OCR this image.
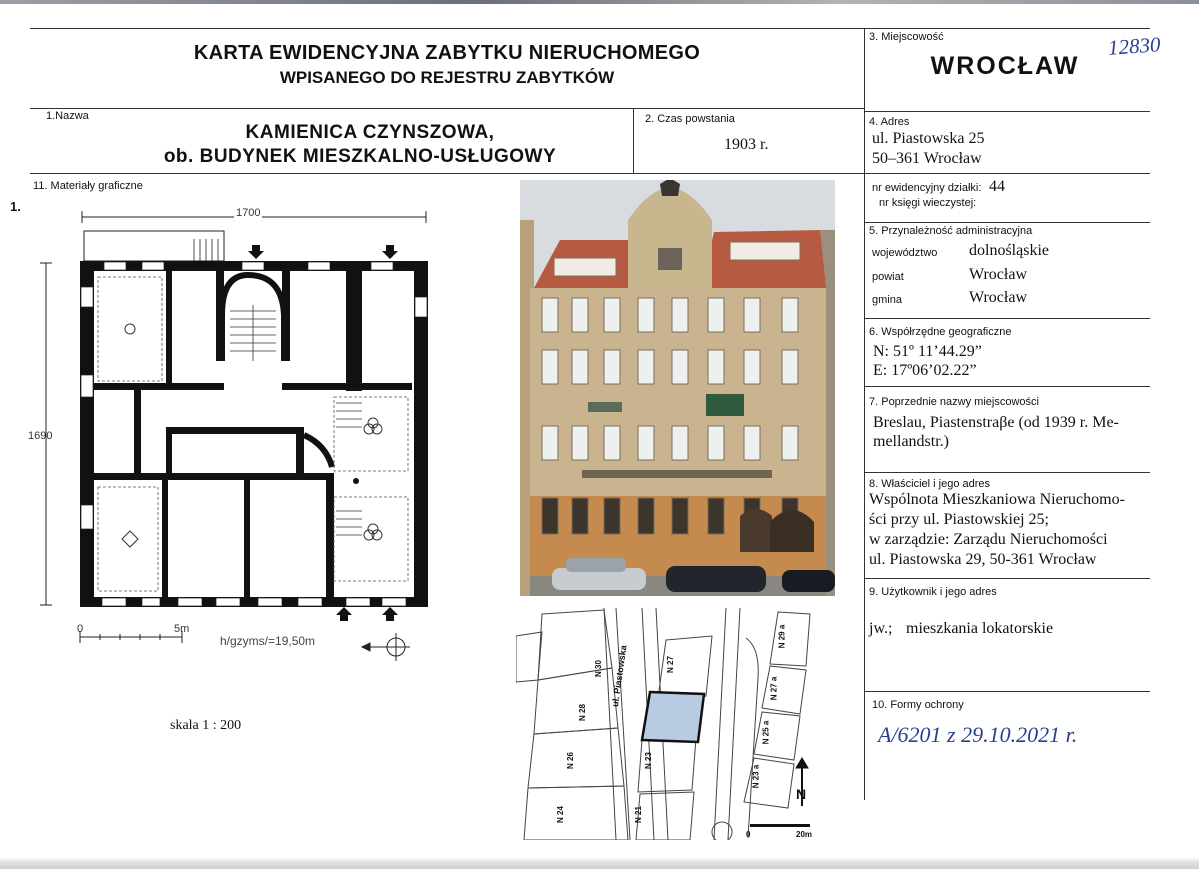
KARTA EWIDENCYJNA ZABYTKU NIERUCHOMEGO
WPISANEGO DO REJESTRU ZABYTKÓW
3. Miejscowość
WROCŁAW
12830
1.Nazwa
KAMIENICA CZYNSZOWA,
ob. BUDYNEK MIESZKALNO-USŁUGOWY
2. Czas powstania
1903 r.
4. Adres
ul. Piastowska 25
50–361 Wrocław
nr ewidencyjny działki: 44
nr księgi wieczystej:
5. Przynależność administracyjna
województwo dolnośląskie
powiat	Wrocław
gmina	Wrocław
6. Współrzędne geograficzne
N: 51º 11’44.29”
E: 17º06’02.22”
7. Poprzednie nazwy miejscowości
Breslau, Piastenstraβe (od 1939 r. Me-
mellandstr.)
8. Właściciel i jego adres
Wspólnota Mieszkaniowa Nieruchomo-
ści przy ul. Piastowskiej 25;
w zarządzie: Zarządu Nieruchomości
ul. Piastowska 29, 50-361 Wrocław
9. Użytkownik i jego adres
jw.; mieszkania lokatorskie
10. Formy ochrony
A/6201 z 29.10.2021 r.
11. Materiały graficzne
1.	1700
1690
0	5m
h/gzyms/=19,50m
skala 1 : 200
ul. Piastowska
N 30
N 28
N 26
N 24
N 27
N 23
N 21
N 29 a
N 27 a
N 25 a
N 23 a
0	20m
N
